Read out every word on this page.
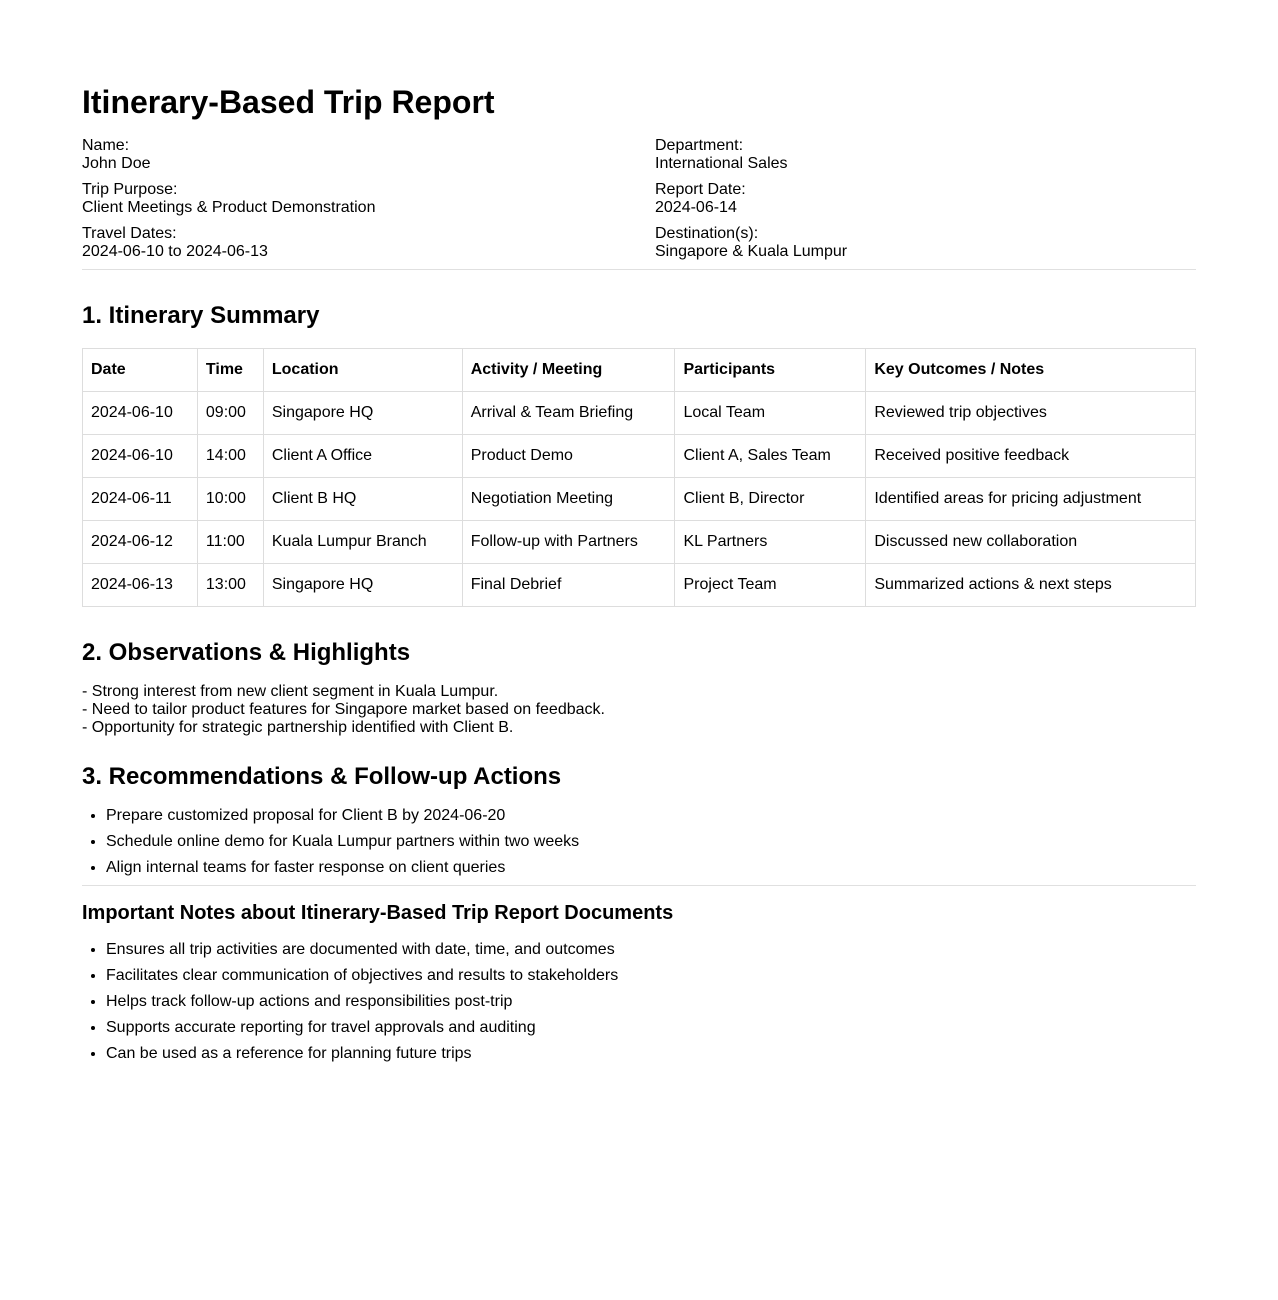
Itinerary-Based Trip Report
Name:
John Doe
Trip Purpose:
Client Meetings & Product Demonstration
Travel Dates:
2024-06-10 to 2024-06-13
Department:
International Sales
Report Date:
2024-06-14
Destination(s):
Singapore & Kuala Lumpur
1. Itinerary Summary
Date	Time	Location	Activity / Meeting	Participants	Key Outcomes / Notes
2024-06-10	09:00	Singapore HQ	Arrival & Team Briefing	Local Team	Reviewed trip objectives
2024-06-10	14:00	Client A Office	Product Demo	Client A, Sales Team	Received positive feedback
2024-06-11	10:00	Client B HQ	Negotiation Meeting	Client B, Director	Identified areas for pricing adjustment
2024-06-12	11:00	Kuala Lumpur Branch	Follow-up with Partners	KL Partners	Discussed new collaboration
2024-06-13	13:00	Singapore HQ	Final Debrief	Project Team	Summarized actions & next steps
2. Observations & Highlights
- Strong interest from new client segment in Kuala Lumpur.
- Need to tailor product features for Singapore market based on feedback.
- Opportunity for strategic partnership identified with Client B.
3. Recommendations & Follow-up Actions
• Prepare customized proposal for Client B by 2024-06-20
• Schedule online demo for Kuala Lumpur partners within two weeks
• Align internal teams for faster response on client queries
Important Notes about Itinerary-Based Trip Report Documents
• Ensures all trip activities are documented with date, time, and outcomes
• Facilitates clear communication of objectives and results to stakeholders
• Helps track follow-up actions and responsibilities post-trip
• Supports accurate reporting for travel approvals and auditing
• Can be used as a reference for planning future trips
